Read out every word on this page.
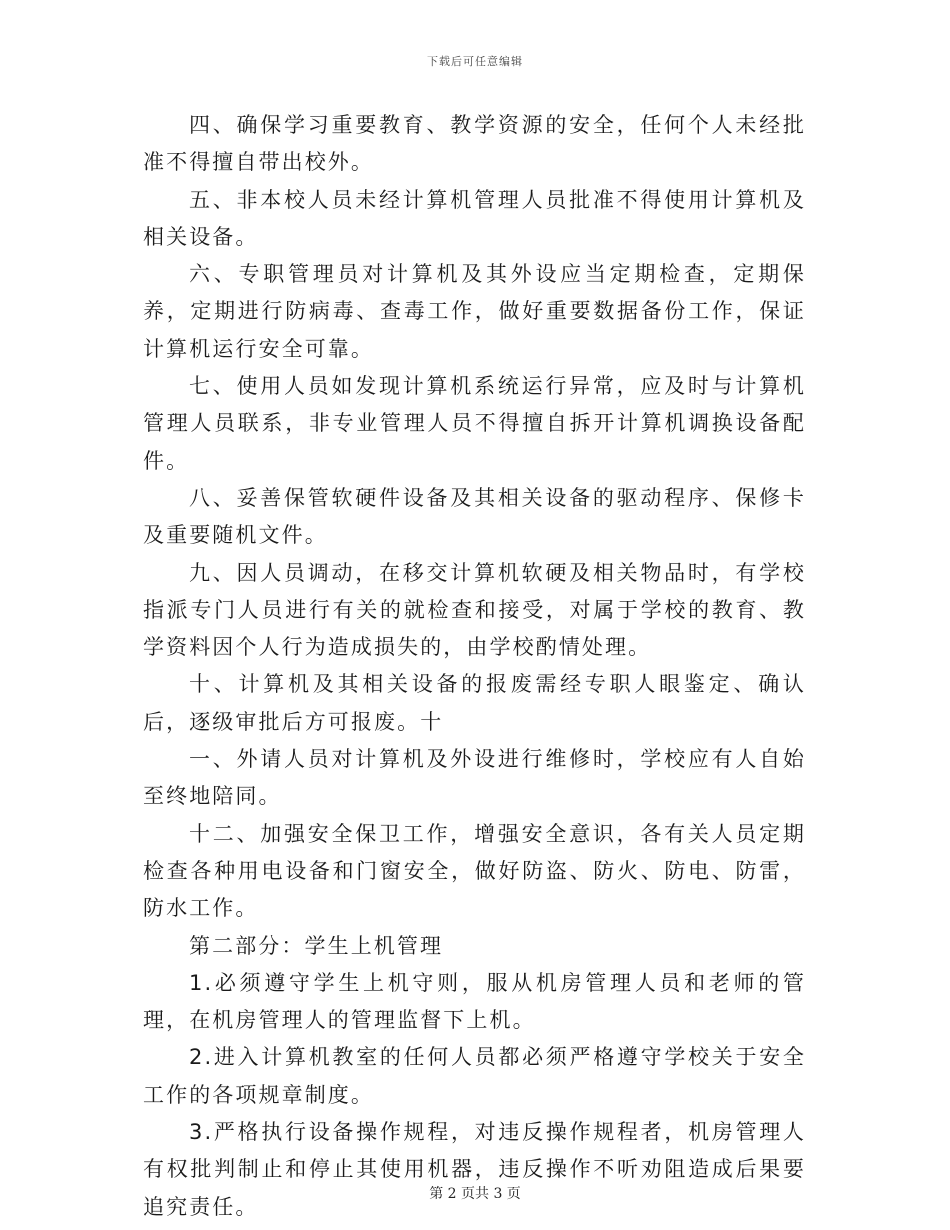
下载后可任意编辑

四、确保学习重要教育、教学资源的安全，任何个人未经批准不得擅自带出校外。

五、非本校人员未经计算机管理人员批准不得使用计算机及相关设备。

六、专职管理员对计算机及其外设应当定期检查，定期保养，定期进行防病毒、查毒工作，做好重要数据备份工作，保证计算机运行安全可靠。

七、使用人员如发现计算机系统运行异常，应及时与计算机管理人员联系，非专业管理人员不得擅自拆开计算机调换设备配件。

八、妥善保管软硬件设备及其相关设备的驱动程序、保修卡及重要随机文件。

九、因人员调动，在移交计算机软硬及相关物品时，有学校指派专门人员进行有关的就检查和接受，对属于学校的教育、教学资料因个人行为造成损失的，由学校酌情处理。

十、计算机及其相关设备的报废需经专职人眼鉴定、确认后，逐级审批后方可报废。十

一、外请人员对计算机及外设进行维修时，学校应有人自始至终地陪同。

十二、加强安全保卫工作，增强安全意识，各有关人员定期检查各种用电设备和门窗安全，做好防盗、防火、防电、防雷，防水工作。

第二部分：学生上机管理

1.必须遵守学生上机守则，服从机房管理人员和老师的管理，在机房管理人的管理监督下上机。

2.进入计算机教室的任何人员都必须严格遵守学校关于安全工作的各项规章制度。

3.严格执行设备操作规程，对违反操作规程者，机房管理人有权批判制止和停止其使用机器，违反操作不听劝阻造成后果要追究责任。

第 2 页共 3 页
